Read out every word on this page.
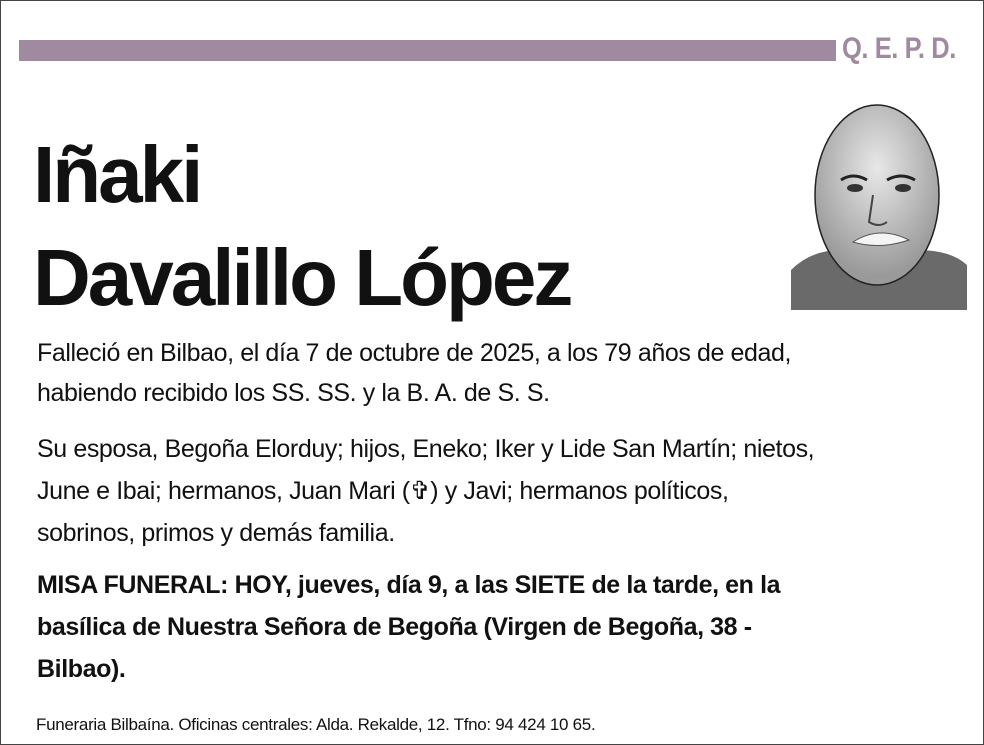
Q. E. P. D.
Iñaki
Davalillo López
Falleció en Bilbao, el día 7 de octubre de 2025, a los 79 años de edad,
habiendo recibido los SS. SS. y la B. A. de S. S.
Su esposa, Begoña Elorduy; hijos, Eneko; Iker y Lide San Martín; nietos,
June e Ibai; hermanos, Juan Mari (✞) y Javi; hermanos políticos,
sobrinos, primos y demás familia.
MISA FUNERAL: HOY, jueves, día 9, a las SIETE de la tarde, en la
basílica de Nuestra Señora de Begoña (Virgen de Begoña, 38 -
Bilbao).
Funeraria Bilbaína. Oficinas centrales: Alda. Rekalde, 12. Tfno: 94 424 10 65.
